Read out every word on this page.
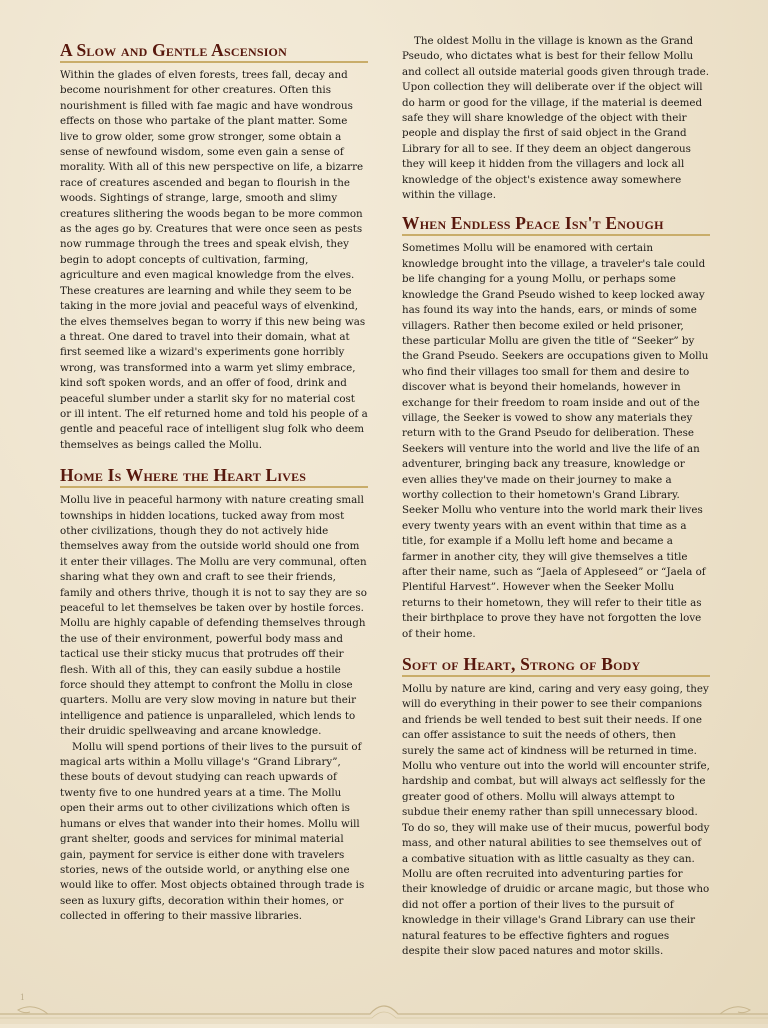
A Slow and Gentle Ascension

Within the glades of elven forests, trees fall, decay and become nourishment for other creatures. Often this nourishment is filled with fae magic and have wondrous effects on those who partake of the plant matter. Some live to grow older, some grow stronger, some obtain a sense of newfound wisdom, some even gain a sense of morality. With all of this new perspective on life, a bizarre race of creatures ascended and began to flourish in the woods. Sightings of strange, large, smooth and slimy creatures slithering the woods began to be more common as the ages go by. Creatures that were once seen as pests now rummage through the trees and speak elvish, they begin to adopt concepts of cultivation, farming, agriculture and even magical knowledge from the elves. These creatures are learning and while they seem to be taking in the more jovial and peaceful ways of elvenkind, the elves themselves began to worry if this new being was a threat. One dared to travel into their domain, what at first seemed like a wizard's experiments gone horribly wrong, was transformed into a warm yet slimy embrace, kind soft spoken words, and an offer of food, drink and peaceful slumber under a starlit sky for no material cost or ill intent. The elf returned home and told his people of a gentle and peaceful race of intelligent slug folk who deem themselves as beings called the Mollu.

Home Is Where the Heart Lives

Mollu live in peaceful harmony with nature creating small townships in hidden locations, tucked away from most other civilizations, though they do not actively hide themselves away from the outside world should one from it enter their villages. The Mollu are very communal, often sharing what they own and craft to see their friends, family and others thrive, though it is not to say they are so peaceful to let themselves be taken over by hostile forces. Mollu are highly capable of defending themselves through the use of their environment, powerful body mass and tactical use their sticky mucus that protrudes off their flesh. With all of this, they can easily subdue a hostile force should they attempt to confront the Mollu in close quarters. Mollu are very slow moving in nature but their intelligence and patience is unparalleled, which lends to their druidic spellweaving and arcane knowledge.

Mollu will spend portions of their lives to the pursuit of magical arts within a Mollu village's “Grand Library”, these bouts of devout studying can reach upwards of twenty five to one hundred years at a time. The Mollu open their arms out to other civilizations which often is humans or elves that wander into their homes. Mollu will grant shelter, goods and services for minimal material gain, payment for service is either done with travelers stories, news of the outside world, or anything else one would like to offer. Most objects obtained through trade is seen as luxury gifts, decoration within their homes, or collected in offering to their massive libraries.

The oldest Mollu in the village is known as the Grand Pseudo, who dictates what is best for their fellow Mollu and collect all outside material goods given through trade. Upon collection they will deliberate over if the object will do harm or good for the village, if the material is deemed safe they will share knowledge of the object with their people and display the first of said object in the Grand Library for all to see. If they deem an object dangerous they will keep it hidden from the villagers and lock all knowledge of the object's existence away somewhere within the village.

When Endless Peace Isn't Enough

Sometimes Mollu will be enamored with certain knowledge brought into the village, a traveler's tale could be life changing for a young Mollu, or perhaps some knowledge the Grand Pseudo wished to keep locked away has found its way into the hands, ears, or minds of some villagers. Rather then become exiled or held prisoner, these particular Mollu are given the title of “Seeker” by the Grand Pseudo. Seekers are occupations given to Mollu who find their villages too small for them and desire to discover what is beyond their homelands, however in exchange for their freedom to roam inside and out of the village, the Seeker is vowed to show any materials they return with to the Grand Pseudo for deliberation. These Seekers will venture into the world and live the life of an adventurer, bringing back any treasure, knowledge or even allies they've made on their journey to make a worthy collection to their hometown's Grand Library. Seeker Mollu who venture into the world mark their lives every twenty years with an event within that time as a title, for example if a Mollu left home and became a farmer in another city, they will give themselves a title after their name, such as “Jaela of Appleseed” or “Jaela of Plentiful Harvest”. However when the Seeker Mollu returns to their hometown, they will refer to their title as their birthplace to prove they have not forgotten the love of their home.

Soft of Heart, Strong of Body

Mollu by nature are kind, caring and very easy going, they will do everything in their power to see their companions and friends be well tended to best suit their needs. If one can offer assistance to suit the needs of others, then surely the same act of kindness will be returned in time. Mollu who venture out into the world will encounter strife, hardship and combat, but will always act selflessly for the greater good of others. Mollu will always attempt to subdue their enemy rather than spill unnecessary blood. To do so, they will make use of their mucus, powerful body mass, and other natural abilities to see themselves out of a combative situation with as little casualty as they can. Mollu are often recruited into adventuring parties for their knowledge of druidic or arcane magic, but those who did not offer a portion of their lives to the pursuit of knowledge in their village's Grand Library can use their natural features to be effective fighters and rogues despite their slow paced natures and motor skills.

1
